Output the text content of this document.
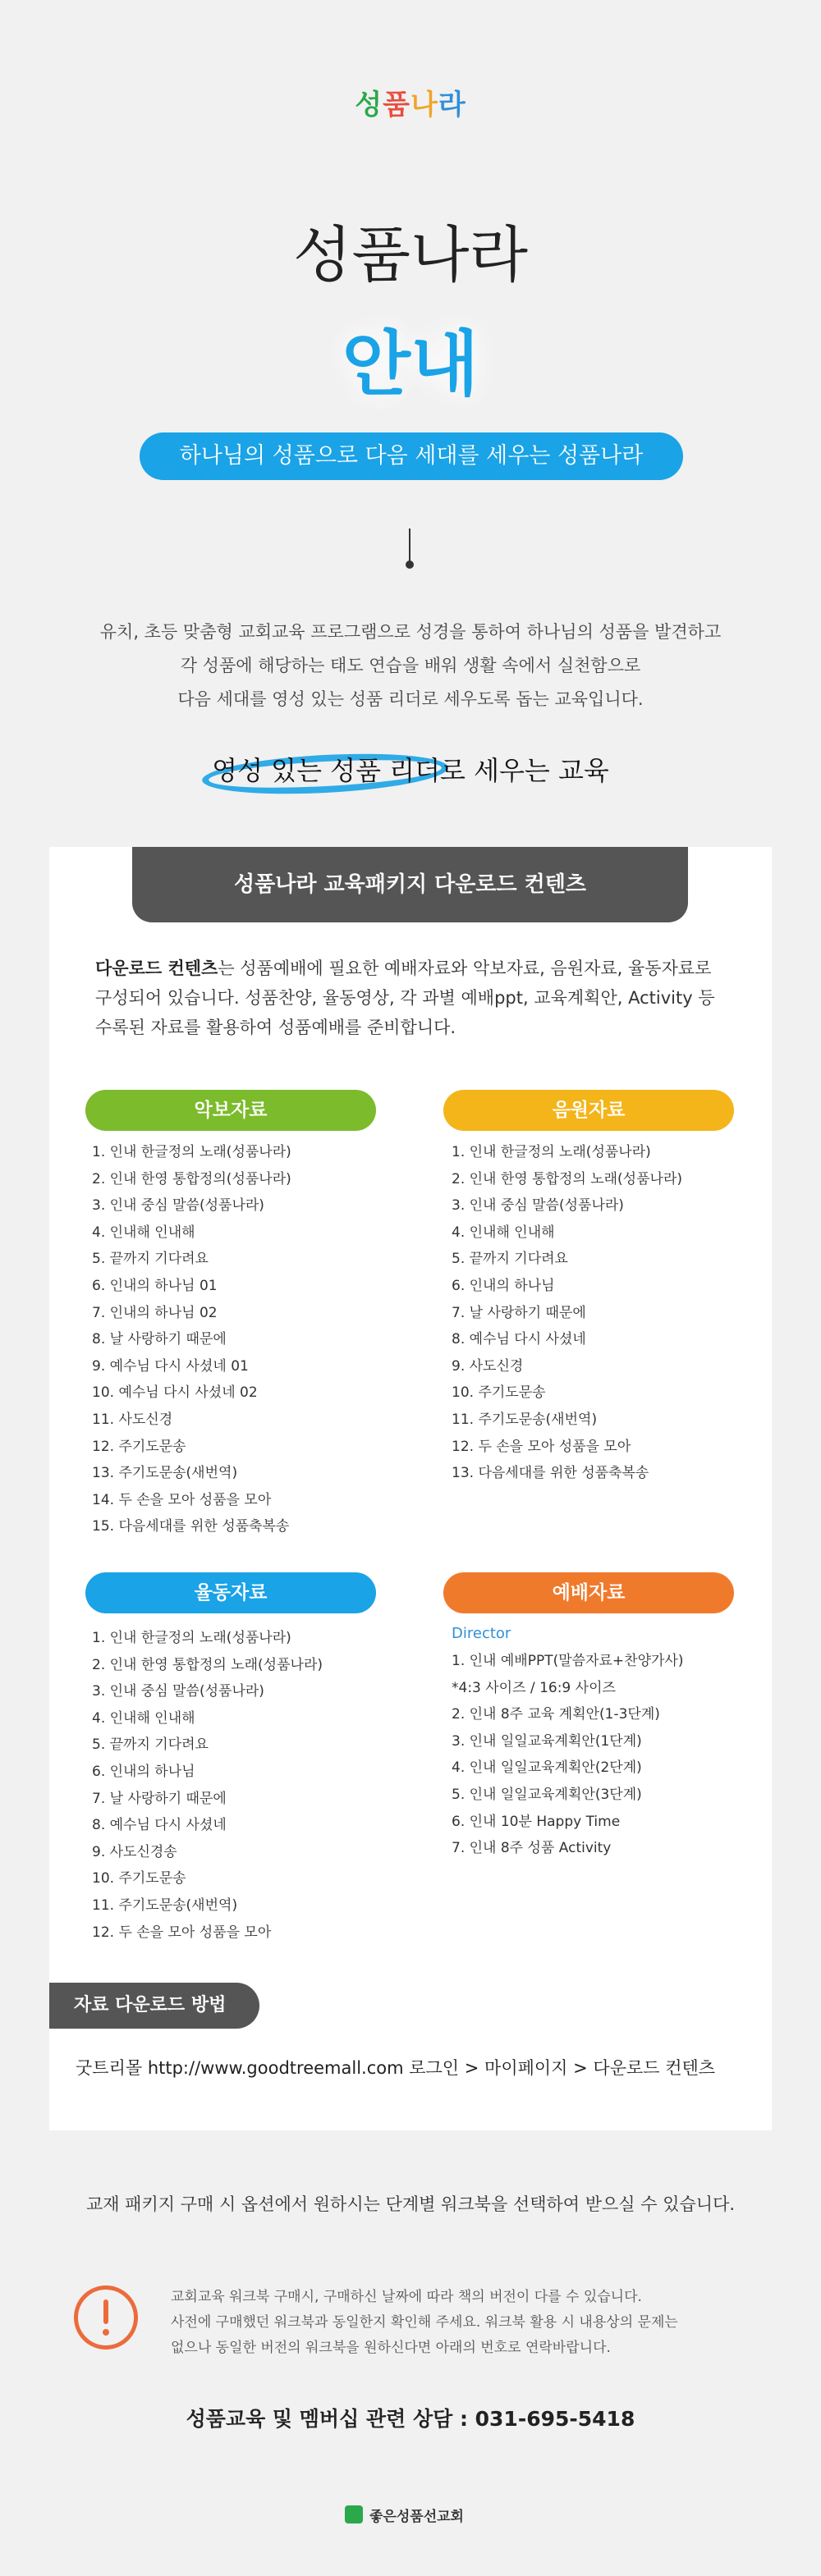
성품나라
성품나라
안내
하나님의 성품으로 다음 세대를 세우는 성품나라
유치, 초등 맞춤형 교회교육 프로그램으로 성경을 통하여 하나님의 성품을 발견하고
각 성품에 해당하는 태도 연습을 배워 생활 속에서 실천함으로
다음 세대를 영성 있는 성품 리더로 세우도록 돕는 교육입니다.
영성 있는 성품 리더로 세우는 교육
성품나라 교육패키지 다운로드 컨텐츠
다운로드 컨텐츠는 성품예배에 필요한 예배자료와 악보자료, 음원자료, 율동자료로
구성되어 있습니다. 성품찬양, 율동영상, 각 과별 예배ppt, 교육계획안, Activity 등
수록된 자료를 활용하여 성품예배를 준비합니다.
악보자료
1. 인내 한글정의 노래(성품나라)
2. 인내 한영 통합정의(성품나라)
3. 인내 중심 말씀(성품나라)
4. 인내해 인내해
5. 끝까지 기다려요
6. 인내의 하나님 01
7. 인내의 하나님 02
8. 날 사랑하기 때문에
9. 예수님 다시 사셨네 01
10. 예수님 다시 사셨네 02
11. 사도신경
12. 주기도문송
13. 주기도문송(새번역)
14. 두 손을 모아 성품을 모아
15. 다음세대를 위한 성품축복송
음원자료
1. 인내 한글정의 노래(성품나라)
2. 인내 한영 통합정의 노래(성품나라)
3. 인내 중심 말씀(성품나라)
4. 인내해 인내해
5. 끝까지 기다려요
6. 인내의 하나님
7. 날 사랑하기 때문에
8. 예수님 다시 사셨네
9. 사도신경
10. 주기도문송
11. 주기도문송(새번역)
12. 두 손을 모아 성품을 모아
13. 다음세대를 위한 성품축복송
율동자료
1. 인내 한글정의 노래(성품나라)
2. 인내 한영 통합정의 노래(성품나라)
3. 인내 중심 말씀(성품나라)
4. 인내해 인내해
5. 끝까지 기다려요
6. 인내의 하나님
7. 날 사랑하기 때문에
8. 예수님 다시 사셨네
9. 사도신경송
10. 주기도문송
11. 주기도문송(새번역)
12. 두 손을 모아 성품을 모아
예배자료
Director
1. 인내 예배PPT(말씀자료+찬양가사)
*4:3 사이즈 / 16:9 사이즈
2. 인내 8주 교육 계획안(1-3단계)
3. 인내 일일교육계획안(1단계)
4. 인내 일일교육계획안(2단계)
5. 인내 일일교육계획안(3단계)
6. 인내 10분 Happy Time
7. 인내 8주 성품 Activity
자료 다운로드 방법
굿트리몰 http://www.goodtreemall.com 로그인 > 마이페이지 > 다운로드 컨텐츠
교재 패키지 구매 시 옵션에서 원하시는 단계별 워크북을 선택하여 받으실 수 있습니다.
교회교육 워크북 구매시, 구매하신 날짜에 따라 책의 버전이 다를 수 있습니다.
사전에 구매했던 워크북과 동일한지 확인해 주세요. 워크북 활용 시 내용상의 문제는
없으나 동일한 버전의 워크북을 원하신다면 아래의 번호로 연락바랍니다.
성품교육 및 멤버십 관련 상담 : 031-695-5418
좋은성품선교회
